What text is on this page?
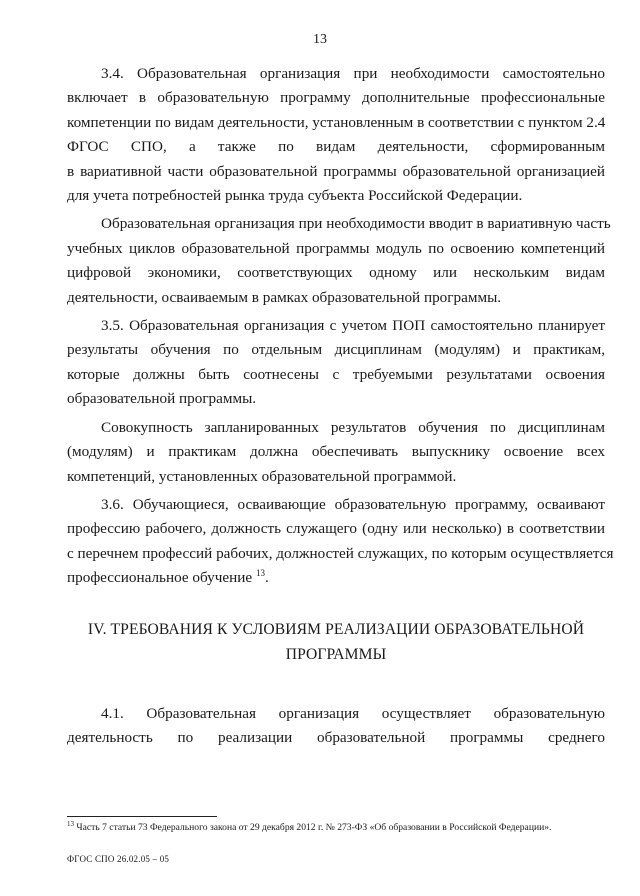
13
3.4. Образовательная организация при необходимости самостоятельно
включает в образовательную программу дополнительные профессиональные
компетенции по видам деятельности, установленным в соответствии с пунктом 2.4
ФГОС СПО, а также по видам деятельности, сформированным
в вариативной части образовательной программы образовательной организацией
для учета потребностей рынка труда субъекта Российской Федерации.
Образовательная организация при необходимости вводит в вариативную часть
учебных циклов образовательной программы модуль по освоению компетенций
цифровой экономики, соответствующих одному или нескольким видам
деятельности, осваиваемым в рамках образовательной программы.
3.5. Образовательная организация с учетом ПОП самостоятельно планирует
результаты обучения по отдельным дисциплинам (модулям) и практикам,
которые должны быть соотнесены с требуемыми результатами освоения
образовательной программы.
Совокупность запланированных результатов обучения по дисциплинам
(модулям) и практикам должна обеспечивать выпускнику освоение всех
компетенций, установленных образовательной программой.
3.6. Обучающиеся, осваивающие образовательную программу, осваивают
профессию рабочего, должность служащего (одну или несколько) в соответствии
с перечнем профессий рабочих, должностей служащих, по которым осуществляется
профессиональное обучение $^{13}$.
IV. ТРЕБОВАНИЯ К УСЛОВИЯМ РЕАЛИЗАЦИИ ОБРАЗОВАТЕЛЬНОЙ
ПРОГРАММЫ
4.1. Образовательная организация осуществляет образовательную
деятельность по реализации образовательной программы среднего
$^{13}$ Часть 7 статьи 73 Федерального закона от 29 декабря 2012 г. № 273-ФЗ «Об образовании в Российской Федерации».
ФГОС СПО 26.02.05 – 05
